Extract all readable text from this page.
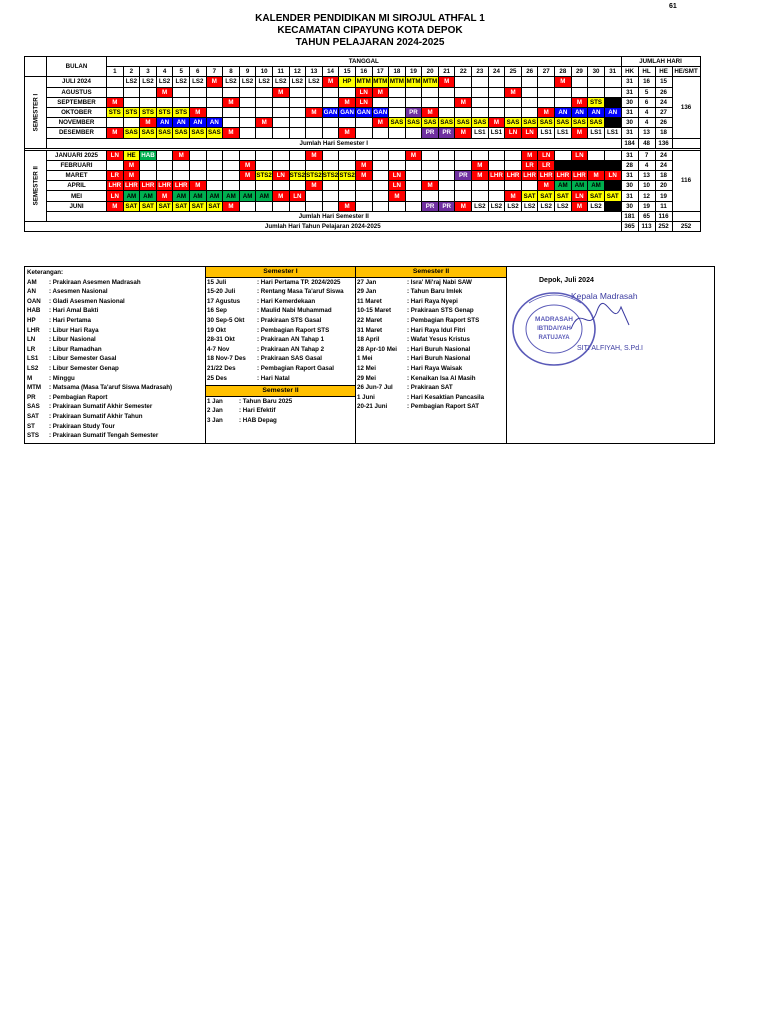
61
KALENDER PENDIDIKAN MI SIROJUL ATHFAL 1
KECAMATAN CIPAYUNG KOTA DEPOK
TAHUN PELAJARAN 2024-2025
	BULAN	TANGGAL																															JUMLAH HARI			
		1	2	3	4	5	6	7	8	9	10	11	12	13	14	15	16	17	18	19	20	21	22	23	24	25	26	27	28	29	30	31	HK	HL	HE	HE/SMT
SEMESTER I	JULI 2024		LS2	LS2	LS2	LS2	LS2	M	LS2	LS2	LS2	LS2	LS2	LS2	M	HP	MTM	MTM	MTM	MTM	MTM	M							M				31	16	15	136
	AGUSTUS				M							M					LN	M								M							31	5	26	
	SEPTEMBER	M							M							M	LN						M							M	STS		30	6	24	
	OKTOBER	STS	STS	STS	STS	STS	M							M	GAN	GAN	GAN	GAN		PR	M							M	AN	AN	AN	AN	31	4	27	
	NOVEMBER			M	AN	AN	AN	AN			M							M	SAS	SAS	SAS	SAS	SAS	SAS	M	SAS	SAS	SAS	SAS	SAS	SAS		30	4	26	
	DESEMBER	M	SAS	SAS	SAS	SAS	SAS	SAS	M							M					PR	PR	M	LS1	LS1	LN	LN	LS1	LS1	M	LS1	LS1	31	13	18	
	Jumlah Hari Semester I																																184	48	136	

SEMESTER II	JANUARI 2025	LN	HE	HAB		M								M						M							M	LN		LN			31	7	24	116
	FEBRUARI		M							M							M							M			LR	LR					28	4	24	
	MARET	LR	M							M	STS2	LN	STS2	STS2	STS2	STS2	M		LN				PR	M	LHR	LHR	LHR	LHR	LHR	LHR	M	LN	31	13	18	
	APRIL	LHR	LHR	LHR	LHR	LHR	M							M					LN		M							M	AM	AM	AM		30	10	20	
	MEI	LN	AM	AM	M	AM	AM	AM	AM	AM	AM	M	LN						M							M	SAT	SAT	SAT	LN	SAT	SAT	31	12	19	
	JUNI	M	SAT	SAT	SAT	SAT	SAT	SAT	M							M					PR	PR	M	LS2	LS2	LS2	LS2	LS2	LS2	M	LS2		30	19	11	
	Jumlah Hari Semester II																																181	65	116	
Jumlah Hari Tahun Pelajaran 2024-2025																																	365	113	252	252
Keterangan:
AM	: Prakiraan Asesmen Madrasah
AN	: Asesmen Nasional
OAN	: Gladi Asesmen Nasional
HAB	: Hari Amal Bakti
HP	: Hari Pertama
LHR	: Libur Hari Raya
LN	: Libur Nasional
LR	: Libur Ramadhan
LS1	: Libur Semester Gasal
LS2	: Libur Semester Genap
M	: Minggu
MTM	: Matsama (Masa Ta'aruf Siswa Madrasah)
PR	: Pembagian Raport
SAS	: Prakiraan Sumatif Akhir Semester
SAT	: Prakiraan Sumatif Akhir Tahun
ST	: Prakiraan Study Tour
STS	: Prakiraan Sumatif Tengah Semester
Semester I
15 Juli	: Hari Pertama TP. 2024/2025
15-20 Juli	: Rentang Masa Ta'aruf Siswa
17 Agustus	: Hari Kemerdekaan
16 Sep	: Maulid Nabi Muhammad
30 Sep-5 Okt	: Prakiraan STS Gasal
19 Okt	: Pembagian Raport STS
28-31 Okt	: Prakiraan AN Tahap 1
4-7 Nov	: Prakiraan AN Tahap 2
18 Nov-7 Des	: Prakiraan SAS Gasal
21/22 Des	: Pembagian Raport Gasal
25 Des	: Hari Natal
Semester II
1 Jan	: Tahun Baru 2025
2 Jan	: Hari Efektif
3 Jan	: HAB Depag
Semester II
27 Jan	: Isra' Mi'raj Nabi SAW
29 Jan	: Tahun Baru Imlek
11 Maret	: Hari Raya Nyepi
10-15 Maret	: Prakiraan STS Genap
22 Maret	: Pembagian Raport STS
31 Maret	: Hari Raya Idul Fitri
18 April	: Wafat Yesus Kristus
28 Apr-10 Mei	: Hari Buruh Nasional
1 Mei	: Hari Buruh Nasional
12 Mei	: Hari Raya Waisak
29 Mei	: Kenaikan Isa Al Masih
26 Jun-7 Jul	: Prakiraan SAT
1 Juni	: Hari Kesaktian Pancasila
20-21 Juni	: Pembagian Raport SAT
Depok, Juli 2024
Kepala Madrasah
MADRASAH
IBTIDAIYAH
RATUJAYA
SITI ALFIYAH, S.Pd.I
